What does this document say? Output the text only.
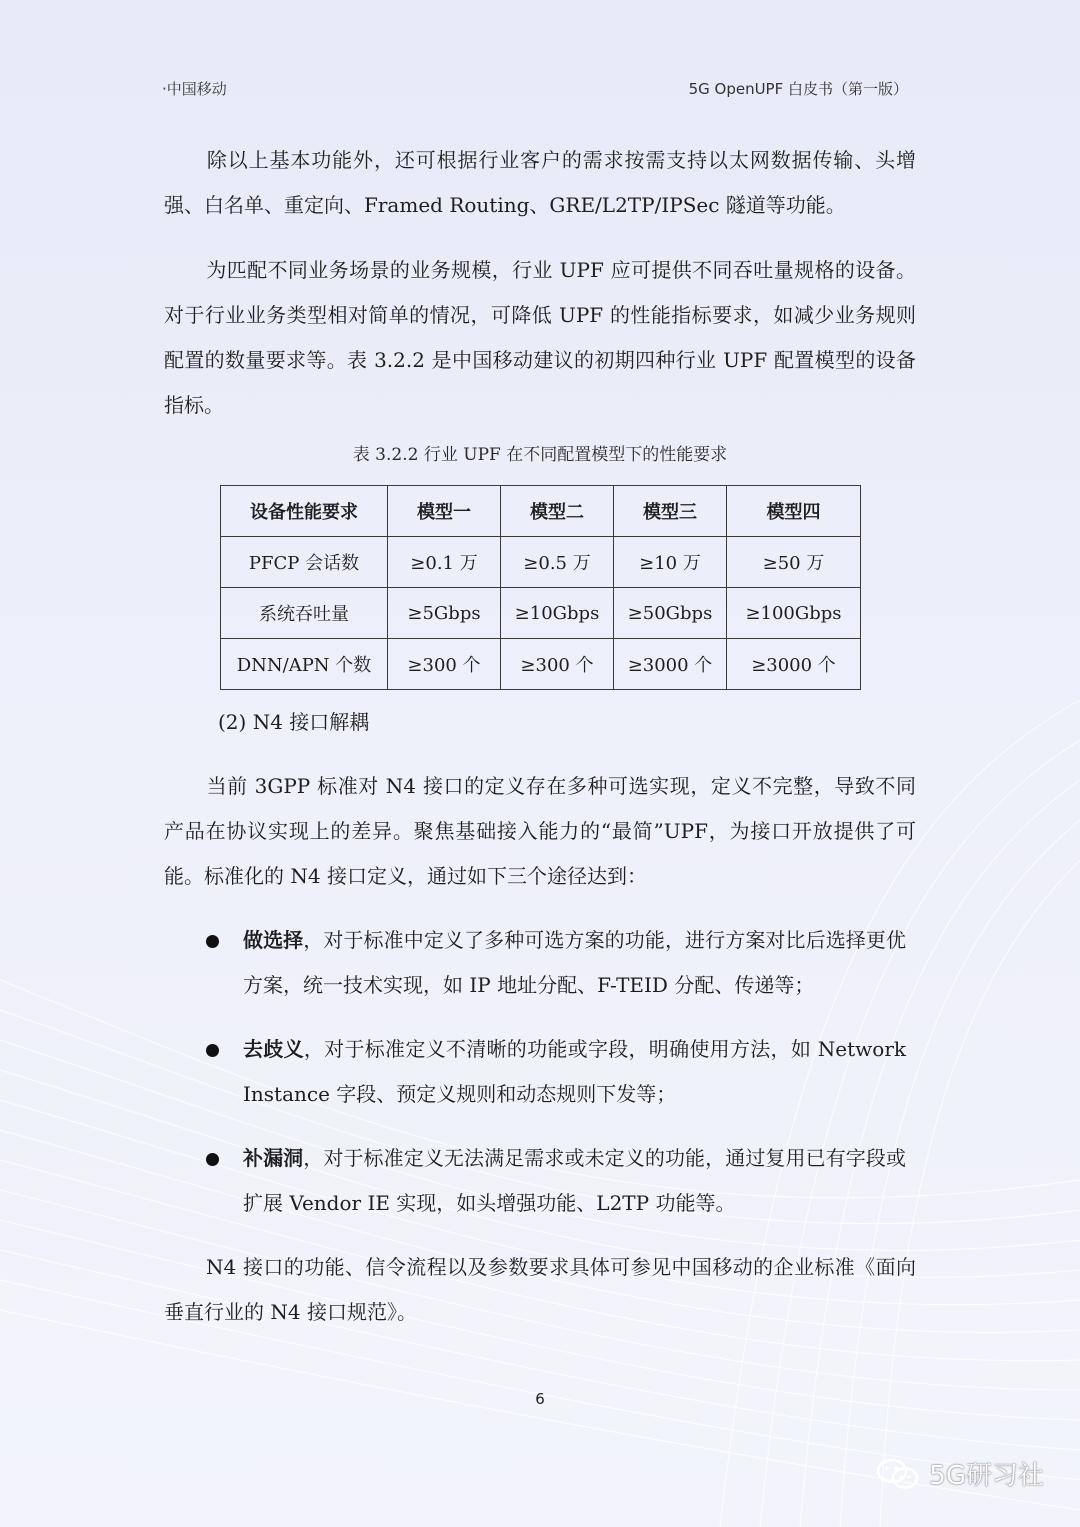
·中国移动	5G OpenUPF 白皮书（第一版）

除以上基本功能外，还可根据行业客户的需求按需支持以太网数据传输、头增强、白名单、重定向、Framed Routing、GRE/L2TP/IPSec 隧道等功能。

为匹配不同业务场景的业务规模，行业 UPF 应可提供不同吞吐量规格的设备。对于行业业务类型相对简单的情况，可降低 UPF 的性能指标要求，如减少业务规则配置的数量要求等。表 3.2.2 是中国移动建议的初期四种行业 UPF 配置模型的设备指标。

表 3.2.2 行业 UPF 在不同配置模型下的性能要求
设备性能要求	模型一	模型二	模型三	模型四
PFCP 会话数	≥0.1 万	≥0.5 万	≥10 万	≥50 万
系统吞吐量	≥5Gbps	≥10Gbps	≥50Gbps	≥100Gbps
DNN/APN 个数	≥300 个	≥300 个	≥3000 个	≥3000 个
(2) N4 接口解耦

当前 3GPP 标准对 N4 接口的定义存在多种可选实现，定义不完整，导致不同产品在协议实现上的差异。聚焦基础接入能力的“最简”UPF，为接口开放提供了可能。标准化的 N4 接口定义，通过如下三个途径达到：

做选择，对于标准中定义了多种可选方案的功能，进行方案对比后选择更优方案，统一技术实现，如 IP 地址分配、F-TEID 分配、传递等；
去歧义，对于标准定义不清晰的功能或字段，明确使用方法，如 Network Instance 字段、预定义规则和动态规则下发等；
补漏洞，对于标准定义无法满足需求或未定义的功能，通过复用已有字段或扩展 Vendor IE 实现，如头增强功能、L2TP 功能等。

N4 接口的功能、信令流程以及参数要求具体可参见中国移动的企业标准《面向垂直行业的 N4 接口规范》。

6
5G研习社
